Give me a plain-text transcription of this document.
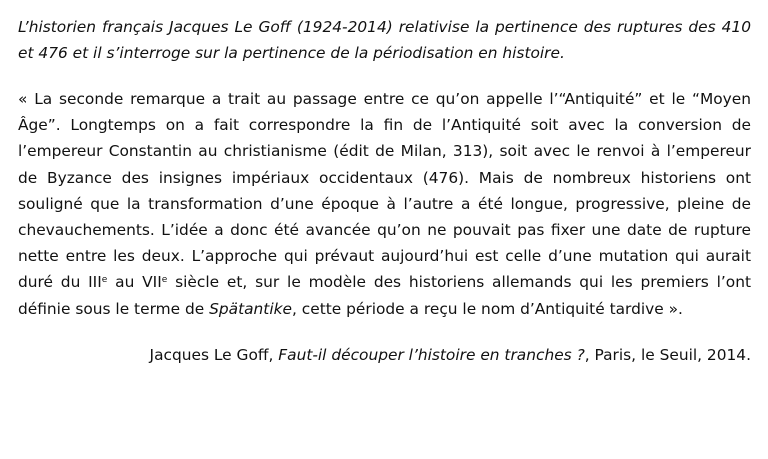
L’historien français Jacques Le Goff (1924-2014) relativise la pertinence des ruptures des 410 et 476 et il s’interroge sur la pertinence de la périodisation en histoire.

« La seconde remarque a trait au passage entre ce qu’on appelle l’“Antiquité” et le “Moyen Âge”. Longtemps on a fait correspondre la fin de l’Antiquité soit avec la conversion de l’empereur Constantin au christianisme (édit de Milan, 313), soit avec le renvoi à l’empereur de Byzance des insignes impériaux occidentaux (476). Mais de nombreux historiens ont souligné que la transformation d’une époque à l’autre a été longue, progressive, pleine de chevauchements. L’idée a donc été avancée qu’on ne pouvait pas fixer une date de rupture nette entre les deux. L’approche qui prévaut aujourd’hui est celle d’une mutation qui aurait duré du IIIe au VIIe siècle et, sur le modèle des historiens allemands qui les premiers l’ont définie sous le terme de Spätantike, cette période a reçu le nom d’Antiquité tardive ».

Jacques Le Goff, Faut-il découper l’histoire en tranches ?, Paris, le Seuil, 2014.
